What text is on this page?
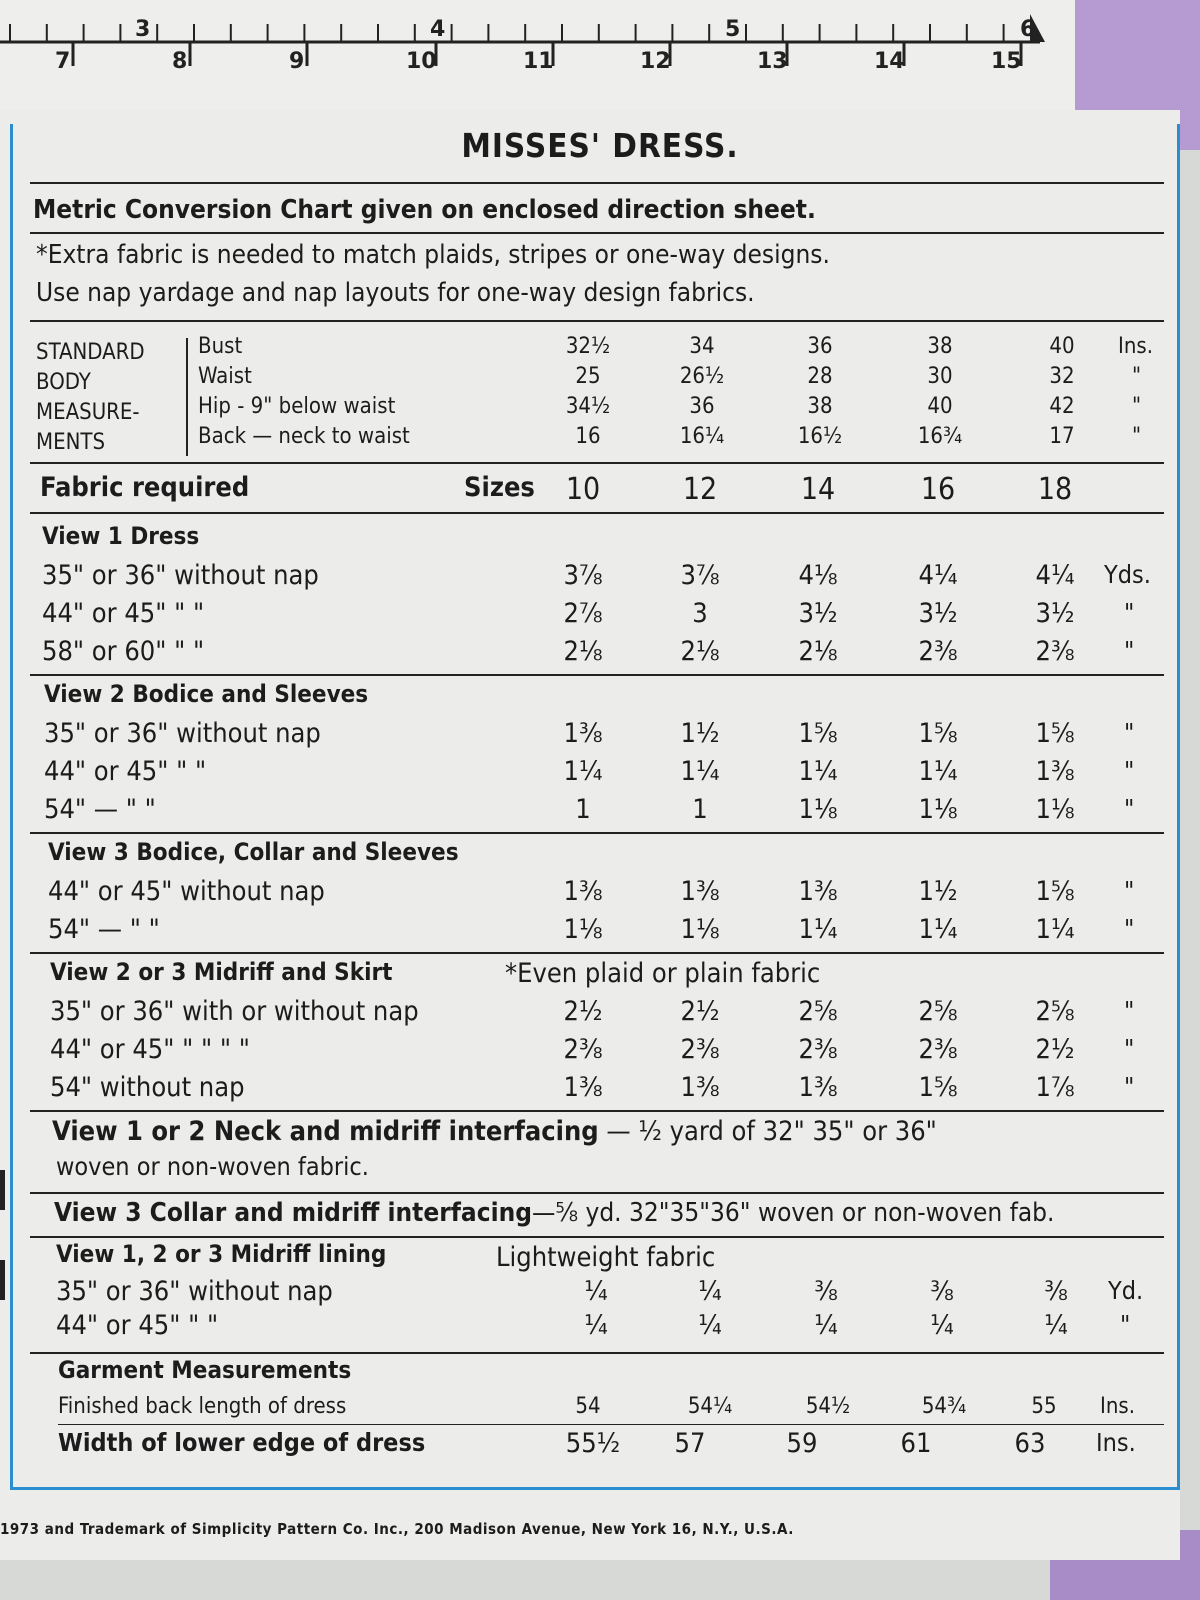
3	4	5	6
7	8	9	10	11	12	13	14	15
MISSES' DRESS.
Metric Conversion Chart given on enclosed direction sheet.
*Extra fabric is needed to match plaids, stripes or one-way designs.
Use nap yardage and nap layouts for one-way design fabrics.
STANDARD
BODY
MEASURE-
MENTS
Bust	32½	34	36	38	40	Ins.
Waist	25	26½	28	30	32	"
Hip - 9" below waist	34½	36	38	40	42	"
Back — neck to waist	16	16¼	16½	16¾	17	"
Fabric required	Sizes	10	12	14	16	18
View 1 Dress
35" or 36" without nap	3⅞	3⅞	4⅛	4¼	4¼	Yds.
44" or 45" " "	2⅞	3	3½	3½	3½	"
58" or 60" " "	2⅛	2⅛	2⅛	2⅜	2⅜	"
View 2 Bodice and Sleeves
35" or 36" without nap	1⅜	1½	1⅝	1⅝	1⅝	"
44" or 45" " "	1¼	1¼	1¼	1¼	1⅜	"
54" — " "	1	1	1⅛	1⅛	1⅛	"
View 3 Bodice, Collar and Sleeves
44" or 45" without nap	1⅜	1⅜	1⅜	1½	1⅝	"
54" — " "	1⅛	1⅛	1¼	1¼	1¼	"
View 2 or 3 Midriff and Skirt	*Even plaid or plain fabric
35" or 36" with or without nap	2½	2½	2⅝	2⅝	2⅝	"
44" or 45" " " " "	2⅜	2⅜	2⅜	2⅜	2½	"
54" without nap	1⅜	1⅜	1⅜	1⅝	1⅞	"
View 1 or 2 Neck and midriff interfacing — ½ yard of 32" 35" or 36"
woven or non-woven fabric.
View 3 Collar and midriff interfacing—⅝ yd. 32"35"36" woven or non-woven fab.
View 1, 2 or 3 Midriff lining	Lightweight fabric
35" or 36" without nap	¼	¼	⅜	⅜	⅜	Yd.
44" or 45" " "	¼	¼	¼	¼	¼	"
Garment Measurements
Finished back length of dress	54	54¼	54½	54¾	55	Ins.
Width of lower edge of dress	55½	57	59	61	63	Ins.
1973 and Trademark of Simplicity Pattern Co. Inc., 200 Madison Avenue, New York 16, N.Y., U.S.A.
